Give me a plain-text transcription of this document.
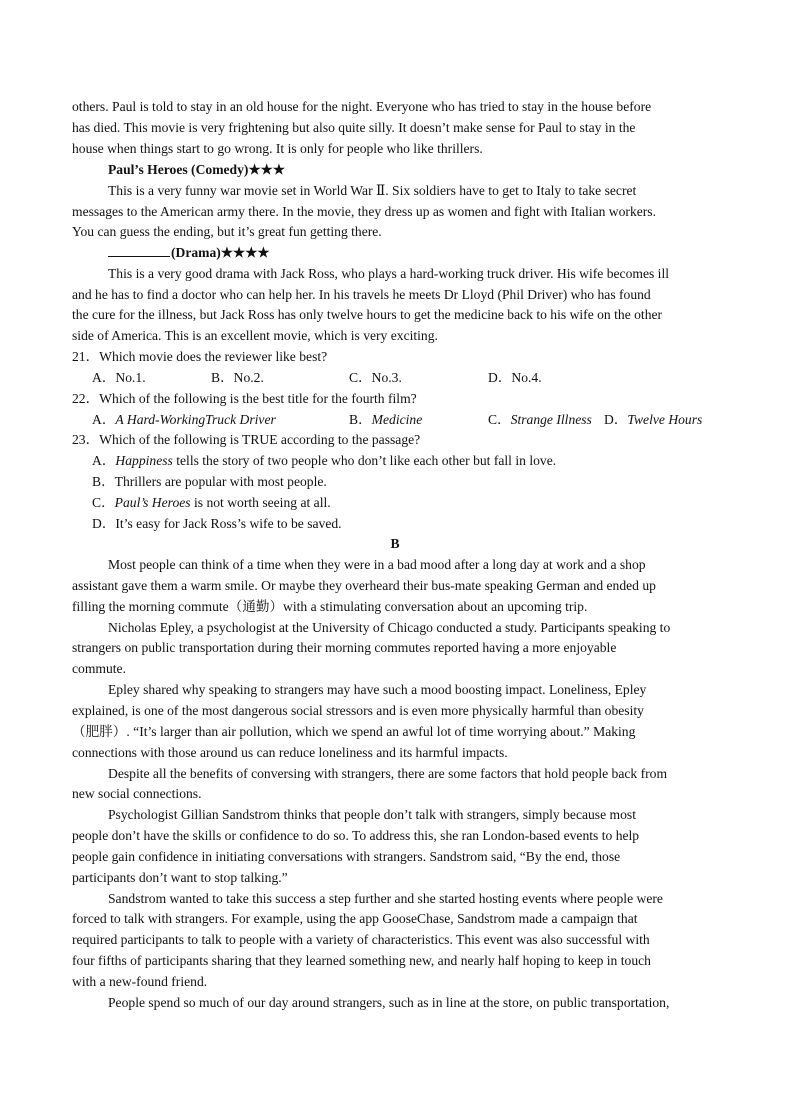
others. Paul is told to stay in an old house for the night. Everyone who has tried to stay in the house before
has died. This movie is very frightening but also quite silly. It doesn’t make sense for Paul to stay in the
house when things start to go wrong. It is only for people who like thrillers.
Paul’s Heroes (Comedy)★★★
This is a very funny war movie set in World War Ⅱ. Six soldiers have to get to Italy to take secret
messages to the American army there. In the movie, they dress up as women and fight with Italian workers.
You can guess the ending, but it’s great fun getting there.
(Drama)★★★★
This is a very good drama with Jack Ross, who plays a hard-working truck driver. His wife becomes ill
and he has to find a doctor who can help her. In his travels he meets Dr Lloyd (Phil Driver) who has found
the cure for the illness, but Jack Ross has only twelve hours to get the medicine back to his wife on the other
side of America. This is an excellent movie, which is very exciting.
21．Which movie does the reviewer like best?
A．No.1.	B．No.2.	C．No.3.	D．No.4.
22．Which of the following is the best title for the fourth film?
A．A Hard-WorkingTruck Driver	B．Medicine	C．Strange Illness D．Twelve Hours
23．Which of the following is TRUE according to the passage?
A．Happiness tells the story of two people who don’t like each other but fall in love.
B．Thrillers are popular with most people.
C．Paul’s Heroes is not worth seeing at all.
D．It’s easy for Jack Ross’s wife to be saved.
B
Most people can think of a time when they were in a bad mood after a long day at work and a shop
assistant gave them a warm smile. Or maybe they overheard their bus-mate speaking German and ended up
filling the morning commute（通勤）with a stimulating conversation about an upcoming trip.
Nicholas Epley, a psychologist at the University of Chicago conducted a study. Participants speaking to
strangers on public transportation during their morning commutes reported having a more enjoyable
commute.
Epley shared why speaking to strangers may have such a mood boosting impact. Loneliness, Epley
explained, is one of the most dangerous social stressors and is even more physically harmful than obesity
（肥胖）. “It’s larger than air pollution, which we spend an awful lot of time worrying about.” Making
connections with those around us can reduce loneliness and its harmful impacts.
Despite all the benefits of conversing with strangers, there are some factors that hold people back from
new social connections.
Psychologist Gillian Sandstrom thinks that people don’t talk with strangers, simply because most
people don’t have the skills or confidence to do so. To address this, she ran London-based events to help
people gain confidence in initiating conversations with strangers. Sandstrom said, “By the end, those
participants don’t want to stop talking.”
Sandstrom wanted to take this success a step further and she started hosting events where people were
forced to talk with strangers. For example, using the app GooseChase, Sandstrom made a campaign that
required participants to talk to people with a variety of characteristics. This event was also successful with
four fifths of participants sharing that they learned something new, and nearly half hoping to keep in touch
with a new-found friend.
People spend so much of our day around strangers, such as in line at the store, on public transportation,
